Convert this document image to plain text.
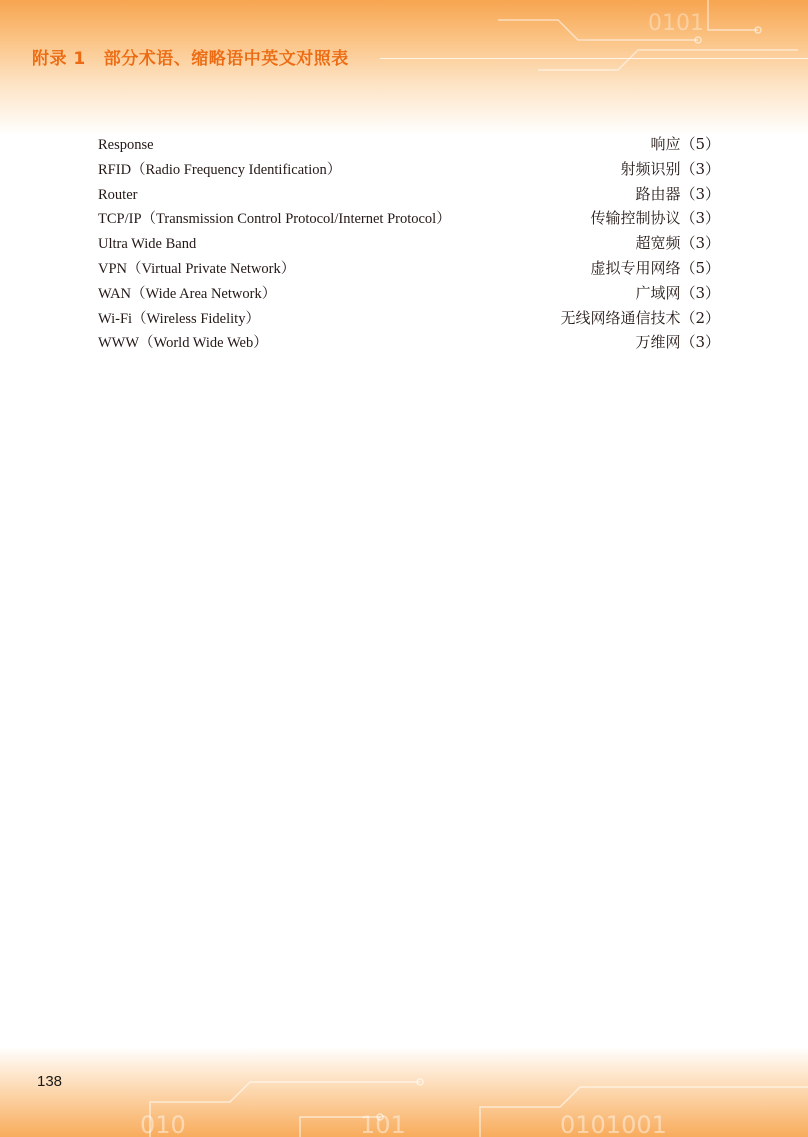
0101
附录 1 部分术语、缩略语中英文对照表
Response	响应（5）
RFID（Radio Frequency Identification）	射频识别（3）
Router	路由器（3）
TCP/IP（Transmission Control Protocol/Internet Protocol）	传输控制协议（3）
Ultra Wide Band	超宽频（3）
VPN（Virtual Private Network）	虚拟专用网络（5）
WAN（Wide Area Network）	广域网（3）
Wi-Fi（Wireless Fidelity）	无线网络通信技术（2）
WWW（World Wide Web）	万维网（3）
010	101	0101001

138
